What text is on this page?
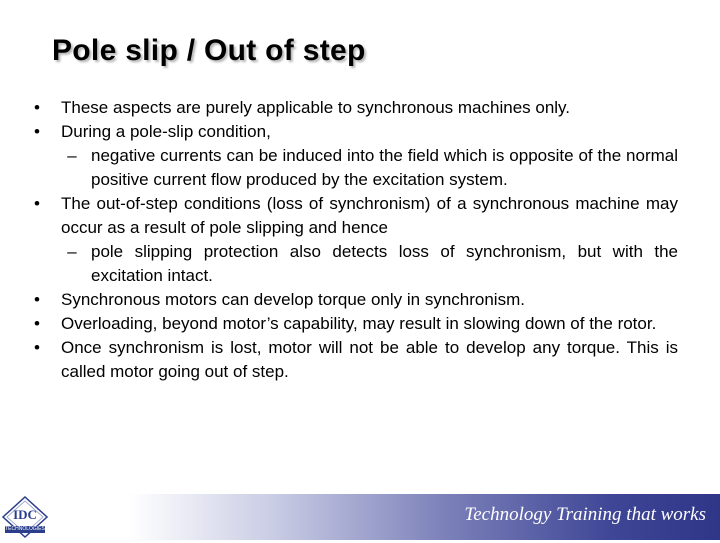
Pole slip / Out of step
• These aspects are purely applicable to synchronous machines only.
• During a pole-slip condition,
– negative currents can be induced into the field which is opposite of the normal positive current flow produced by the excitation system.
• The out-of-step conditions (loss of synchronism) of a synchronous machine may occur as a result of pole slipping and hence
– pole slipping protection also detects loss of synchronism, but with the excitation intact.
• Synchronous motors can develop torque only in synchronism.
• Overloading, beyond motor’s capability, may result in slowing down of the rotor.
• Once synchronism is lost, motor will not be able to develop any torque. This is called motor going out of step.
IDC
TECHNOLOGIES
Technology Training that works
